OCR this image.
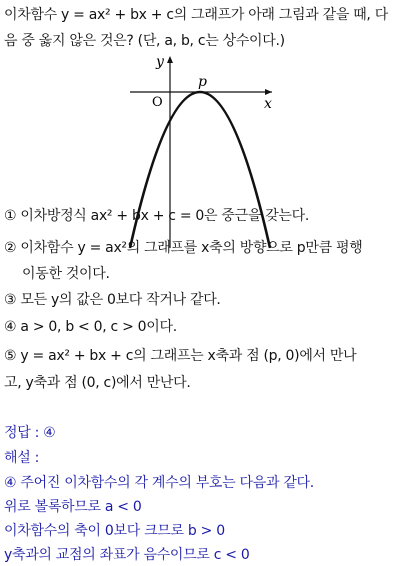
이차함수 y = ax² + bx + c의 그래프가 아래 그림과 같을 때, 다
음 중 옳지 않은 것은? (단, a, b, c는 상수이다.)
y
x
O
p
① 이차방정식 ax² + bx + c = 0은 중근을 갖는다.
② 이차함수 y = ax²의 그래프를 x축의 방향으로 p만큼 평행
이동한 것이다.
③ 모든 y의 값은 0보다 작거나 같다.
④ a > 0, b < 0, c > 0이다.
⑤ y = ax² + bx + c의 그래프는 x축과 점 (p, 0)에서 만나
고, y축과 점 (0, c)에서 만난다.
정답 : ④
해설 :
④ 주어진 이차함수의 각 계수의 부호는 다음과 같다.
위로 볼록하므로 a < 0
이차함수의 축이 0보다 크므로 b > 0
y축과의 교점의 좌표가 음수이므로 c < 0
